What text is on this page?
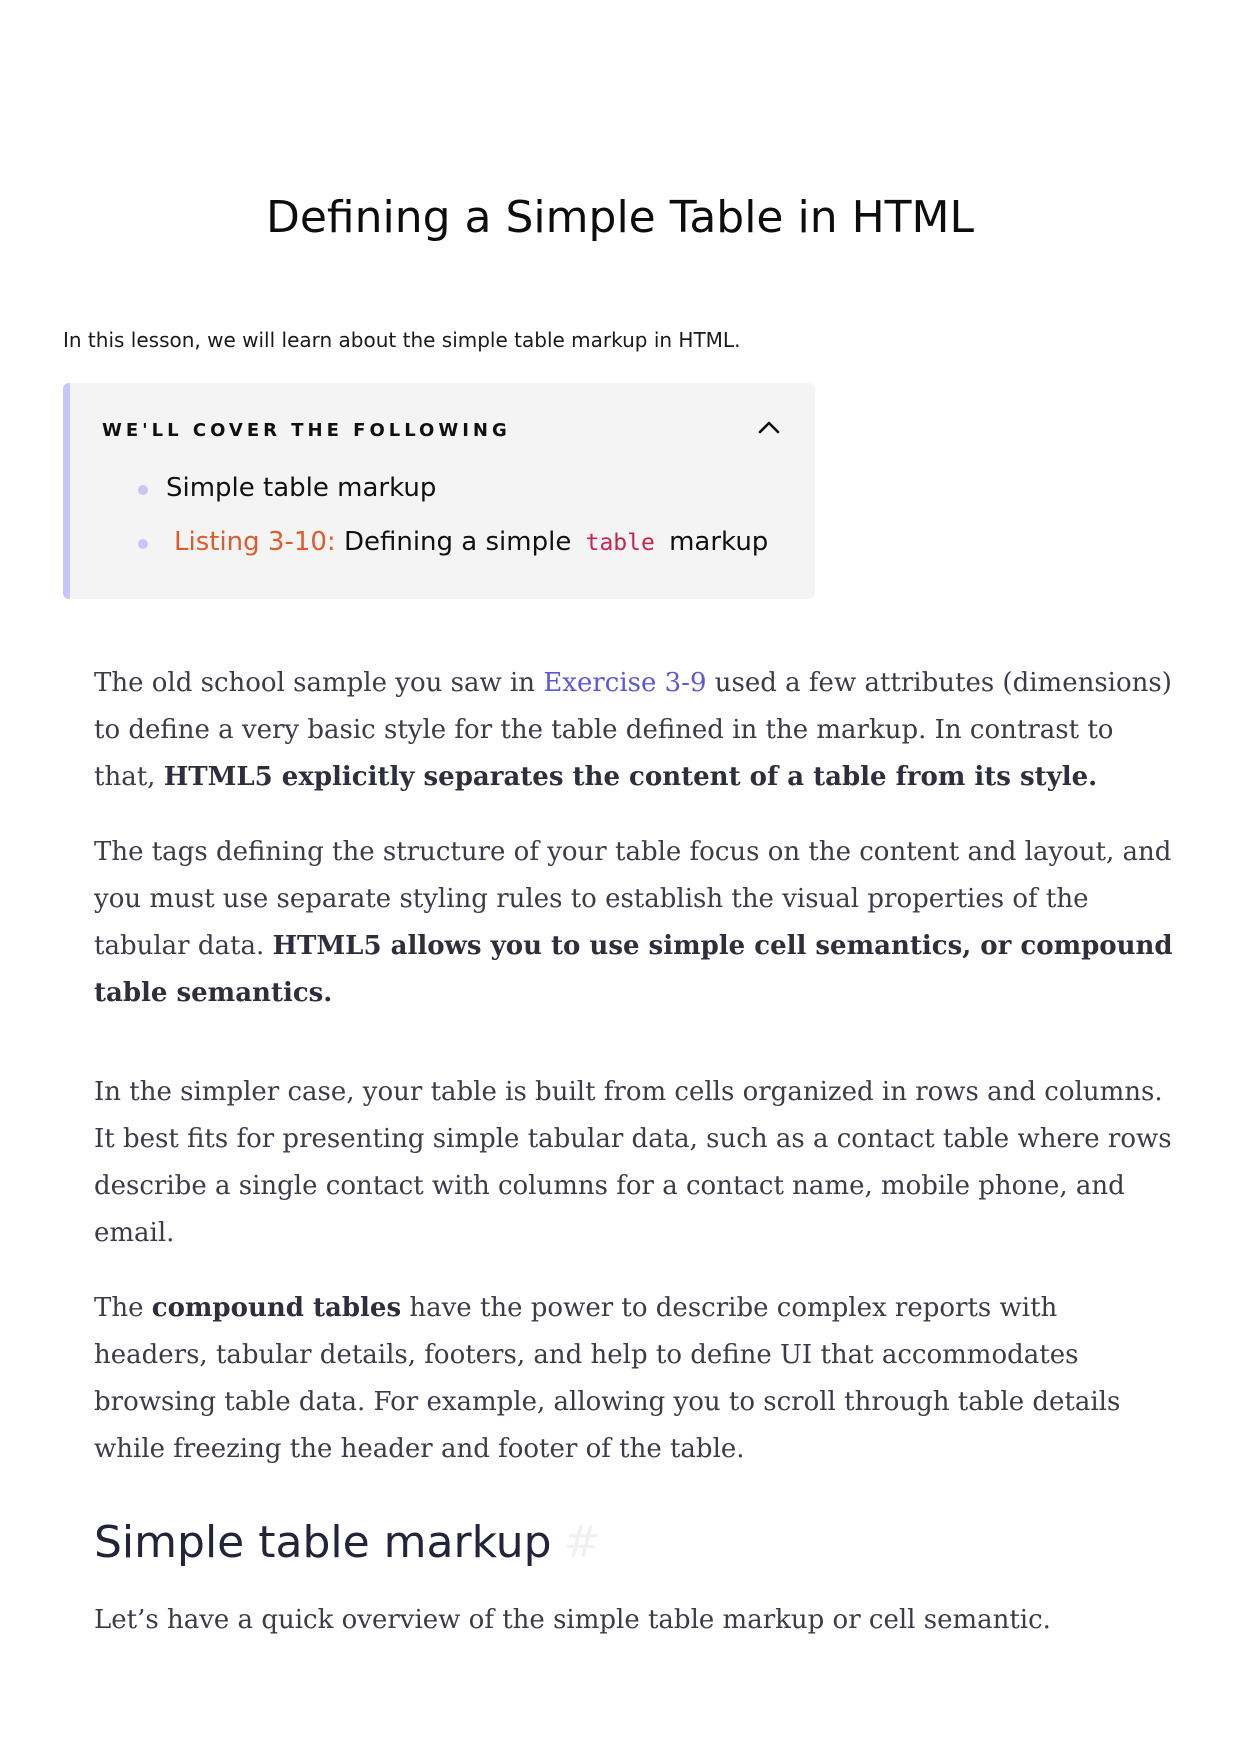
Defining a Simple Table in HTML

In this lesson, we will learn about the simple table markup in HTML.

WE'LL COVER THE FOLLOWING
Simple table markup
Listing 3-10: Defining a simple table markup

The old school sample you saw in Exercise 3-9 used a few attributes (dimensions) to define a very basic style for the table defined in the markup. In contrast to that, HTML5 explicitly separates the content of a table from its style.

The tags defining the structure of your table focus on the content and layout, and you must use separate styling rules to establish the visual properties of the tabular data. HTML5 allows you to use simple cell semantics, or compound table semantics.

In the simpler case, your table is built from cells organized in rows and columns. It best fits for presenting simple tabular data, such as a contact table where rows describe a single contact with columns for a contact name, mobile phone, and email.

The compound tables have the power to describe complex reports with headers, tabular details, footers, and help to define UI that accommodates browsing table data. For example, allowing you to scroll through table details while freezing the header and footer of the table.

Simple table markup #

Let’s have a quick overview of the simple table markup or cell semantic.
